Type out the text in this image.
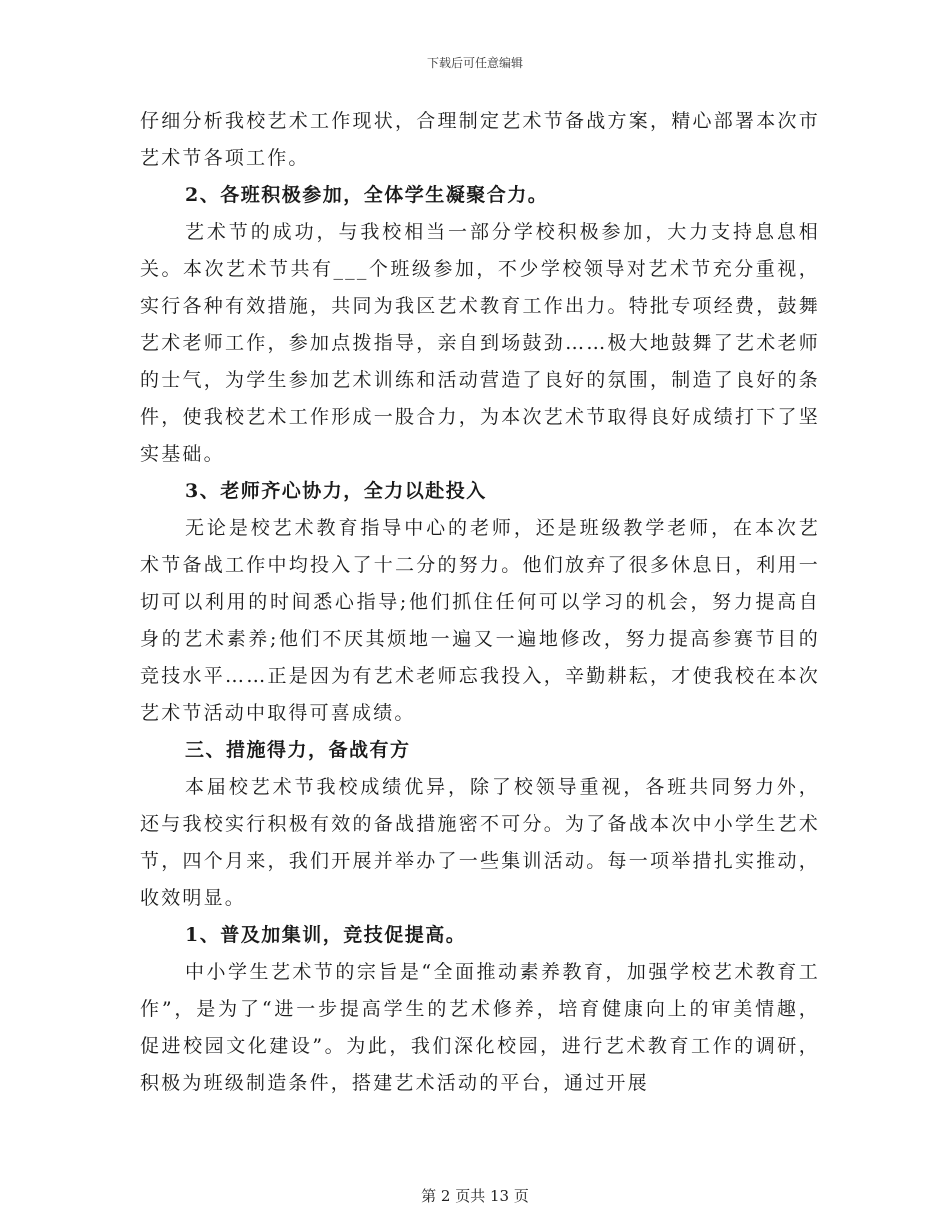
下载后可任意编辑

仔细分析我校艺术工作现状，合理制定艺术节备战方案，精心部署本次市艺术节各项工作。

2、各班积极参加，全体学生凝聚合力。

艺术节的成功，与我校相当一部分学校积极参加，大力支持息息相关。本次艺术节共有___个班级参加，不少学校领导对艺术节充分重视，实行各种有效措施，共同为我区艺术教育工作出力。特批专项经费，鼓舞艺术老师工作，参加点拨指导，亲自到场鼓劲……极大地鼓舞了艺术老师的士气，为学生参加艺术训练和活动营造了良好的氛围，制造了良好的条件，使我校艺术工作形成一股合力，为本次艺术节取得良好成绩打下了坚实基础。

3、老师齐心协力，全力以赴投入

无论是校艺术教育指导中心的老师，还是班级教学老师，在本次艺术节备战工作中均投入了十二分的努力。他们放弃了很多休息日，利用一切可以利用的时间悉心指导;他们抓住任何可以学习的机会，努力提高自身的艺术素养;他们不厌其烦地一遍又一遍地修改，努力提高参赛节目的竞技水平……正是因为有艺术老师忘我投入，辛勤耕耘，才使我校在本次艺术节活动中取得可喜成绩。

三、措施得力，备战有方

本届校艺术节我校成绩优异，除了校领导重视，各班共同努力外，还与我校实行积极有效的备战措施密不可分。为了备战本次中小学生艺术节，四个月来，我们开展并举办了一些集训活动。每一项举措扎实推动，收效明显。

1、普及加集训，竞技促提高。

中小学生艺术节的宗旨是“全面推动素养教育，加强学校艺术教育工作”，是为了“进一步提高学生的艺术修养，培育健康向上的审美情趣，促进校园文化建设”。为此，我们深化校园，进行艺术教育工作的调研，积极为班级制造条件，搭建艺术活动的平台，通过开展

第 2 页共 13 页
